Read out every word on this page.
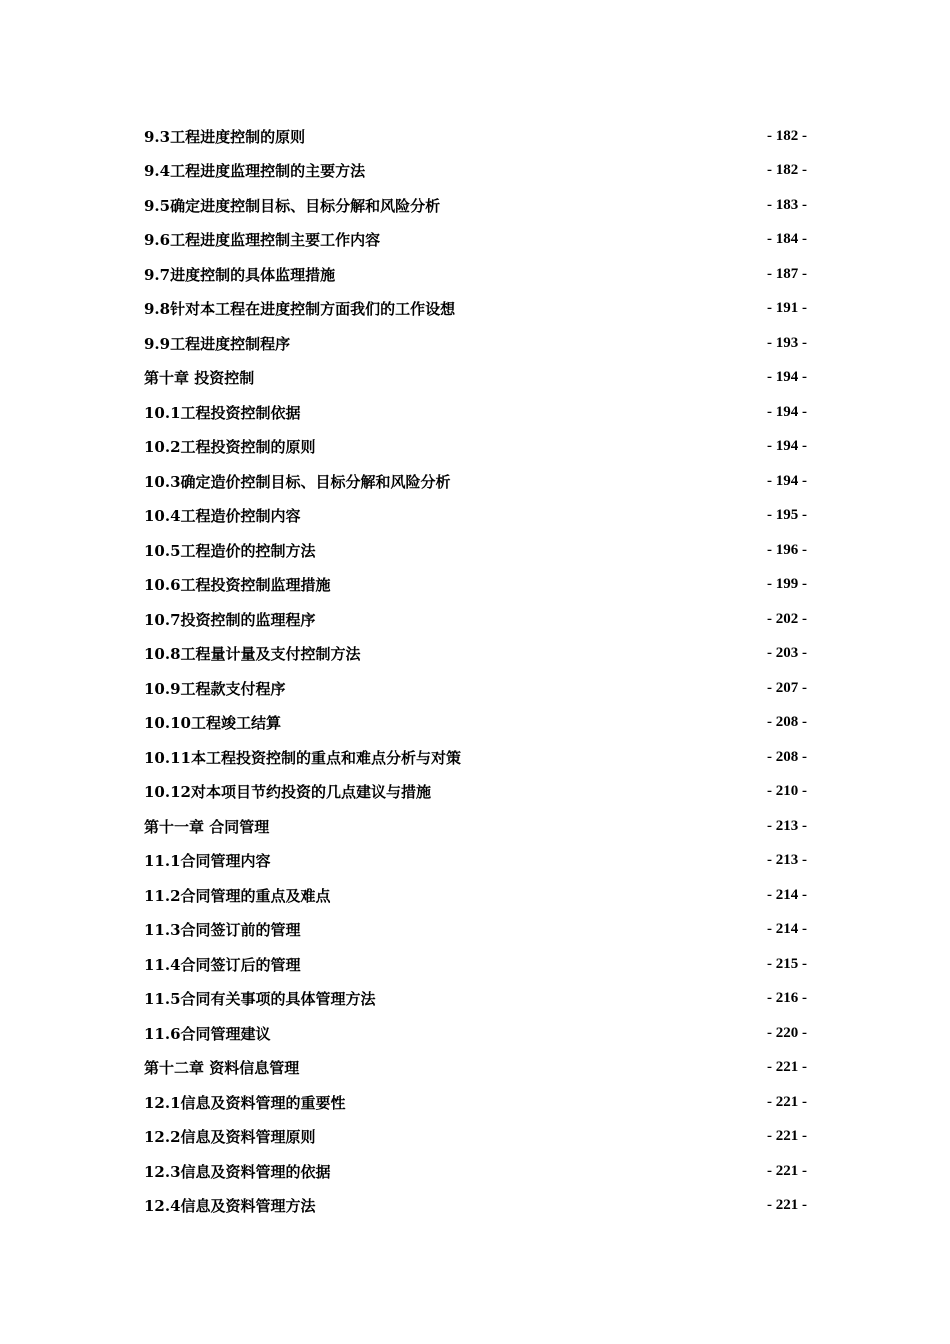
9.3工程进度控制的原则	- 182 -
9.4工程进度监理控制的主要方法	- 182 -
9.5确定进度控制目标、目标分解和风险分析	- 183 -
9.6工程进度监理控制主要工作内容	- 184 -
9.7进度控制的具体监理措施	- 187 -
9.8针对本工程在进度控制方面我们的工作设想	- 191 -
9.9工程进度控制程序	- 193 -
第十章 投资控制	- 194 -
10.1工程投资控制依据	- 194 -
10.2工程投资控制的原则	- 194 -
10.3确定造价控制目标、目标分解和风险分析	- 194 -
10.4工程造价控制内容	- 195 -
10.5工程造价的控制方法	- 196 -
10.6工程投资控制监理措施	- 199 -
10.7投资控制的监理程序	- 202 -
10.8工程量计量及支付控制方法	- 203 -
10.9工程款支付程序	- 207 -
10.10工程竣工结算	- 208 -
10.11本工程投资控制的重点和难点分析与对策	- 208 -
10.12对本项目节约投资的几点建议与措施	- 210 -
第十一章 合同管理	- 213 -
11.1合同管理内容	- 213 -
11.2合同管理的重点及难点	- 214 -
11.3合同签订前的管理	- 214 -
11.4合同签订后的管理	- 215 -
11.5合同有关事项的具体管理方法	- 216 -
11.6合同管理建议	- 220 -
第十二章 资料信息管理	- 221 -
12.1信息及资料管理的重要性	- 221 -
12.2信息及资料管理原则	- 221 -
12.3信息及资料管理的依据	- 221 -
12.4信息及资料管理方法	- 221 -
